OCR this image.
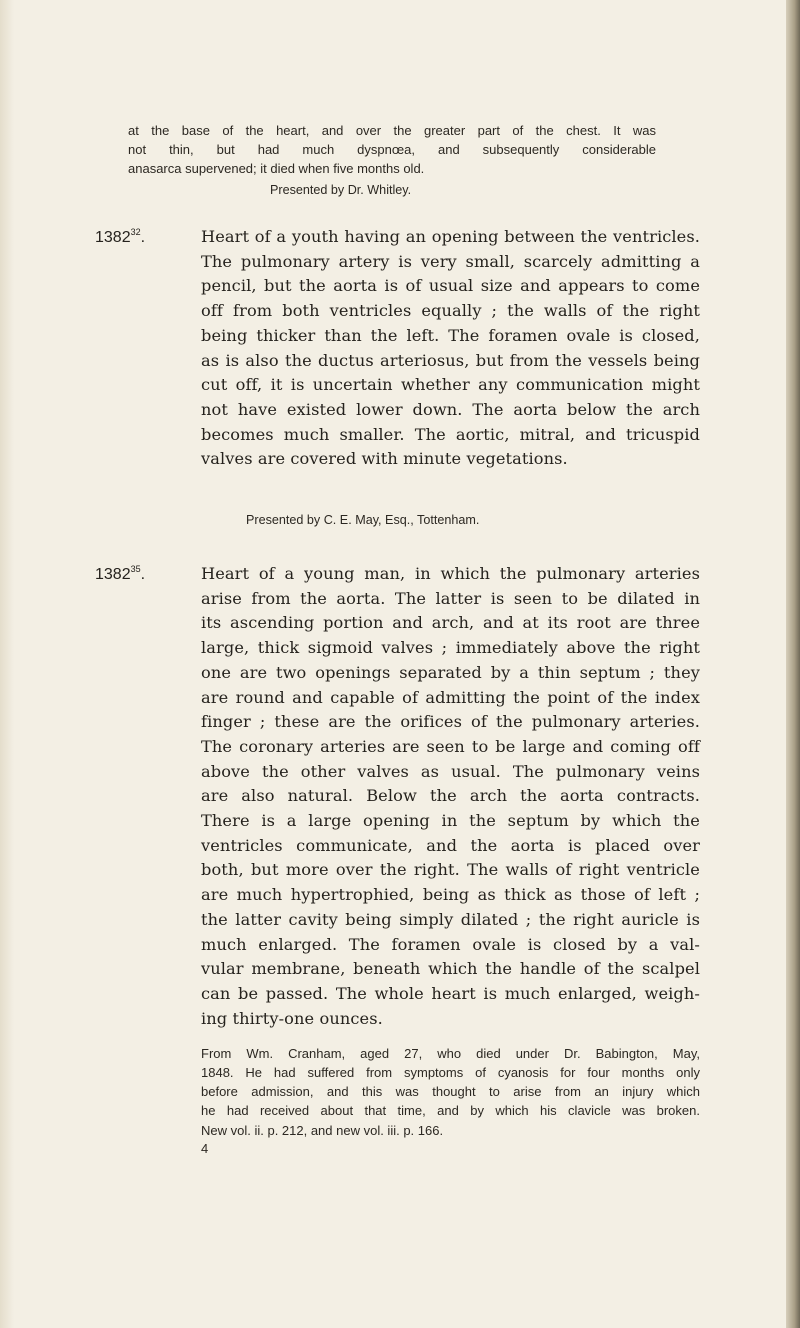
at the base of the heart, and over the greater part of the chest. It was
not thin, but had much dyspnœa, and subsequently considerable
anasarca supervened; it died when five months old.
Presented by Dr. Whitley.
1382$^{32}$.	Heart of a youth having an opening between the ventricles.
The pulmonary artery is very small, scarcely admitting a
pencil, but the aorta is of usual size and appears to come
off from both ventricles equally ; the walls of the right
being thicker than the left. The foramen ovale is closed,
as is also the ductus arteriosus, but from the vessels being
cut off, it is uncertain whether any communication might
not have existed lower down. The aorta below the arch
becomes much smaller. The aortic, mitral, and tricuspid
valves are covered with minute vegetations.
Presented by C. E. May, Esq., Tottenham.
1382$^{35}$.	Heart of a young man, in which the pulmonary arteries
arise from the aorta. The latter is seen to be dilated in
its ascending portion and arch, and at its root are three
large, thick sigmoid valves ; immediately above the right
one are two openings separated by a thin septum ; they
are round and capable of admitting the point of the index
finger ; these are the orifices of the pulmonary arteries.
The coronary arteries are seen to be large and coming off
above the other valves as usual. The pulmonary veins
are also natural. Below the arch the aorta contracts.
There is a large opening in the septum by which the
ventricles communicate, and the aorta is placed over
both, but more over the right. The walls of right ventricle
are much hypertrophied, being as thick as those of left ;
the latter cavity being simply dilated ; the right auricle is
much enlarged. The foramen ovale is closed by a val-
vular membrane, beneath which the handle of the scalpel
can be passed. The whole heart is much enlarged, weigh-
ing thirty-one ounces.
From Wm. Cranham, aged 27, who died under Dr. Babington, May,
1848. He had suffered from symptoms of cyanosis for four months only
before admission, and this was thought to arise from an injury which
he had received about that time, and by which his clavicle was broken.
New vol. ii. p. 212, and new vol. iii. p. 166.
4
